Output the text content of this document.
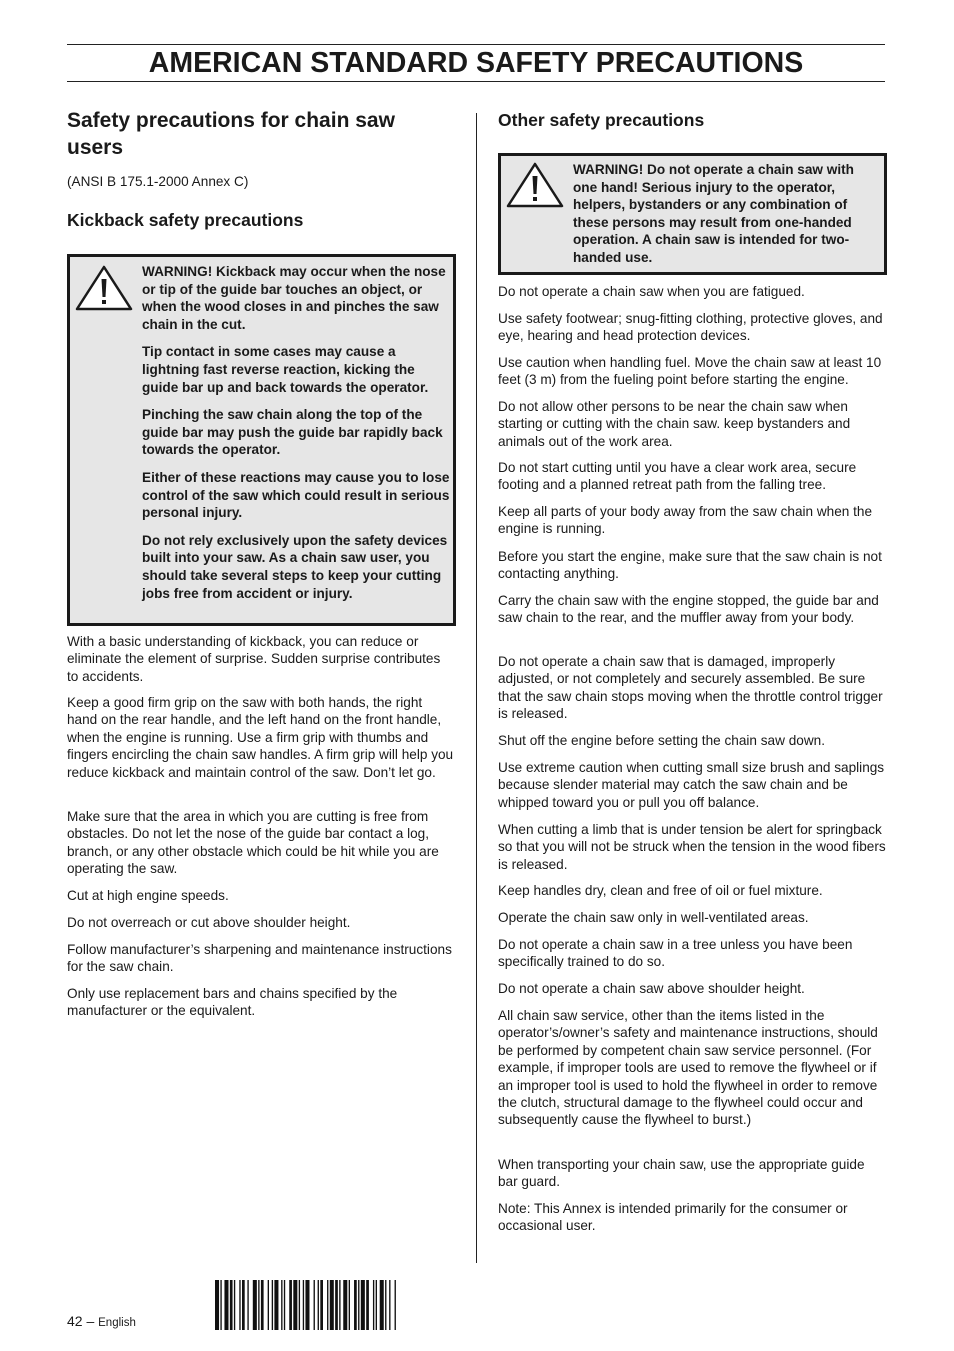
AMERICAN STANDARD SAFETY PRECAUTIONS
Safety precautions for chain saw users

(ANSI B 175.1-2000 Annex C)

Kickback safety precautions

WARNING! Kickback may occur when the nose or tip of the guide bar touches an object, or when the wood closes in and pinches the saw chain in the cut.

Tip contact in some cases may cause a lightning fast reverse reaction, kicking the guide bar up and back towards the operator.

Pinching the saw chain along the top of the guide bar may push the guide bar rapidly back towards the operator.

Either of these reactions may cause you to lose control of the saw which could result in serious personal injury.

Do not rely exclusively upon the safety devices built into your saw. As a chain saw user, you should take several steps to keep your cutting jobs free from accident or injury.

With a basic understanding of kickback, you can reduce or eliminate the element of surprise. Sudden surprise contributes to accidents.

Keep a good firm grip on the saw with both hands, the right hand on the rear handle, and the left hand on the front handle, when the engine is running. Use a firm grip with thumbs and fingers encircling the chain saw handles. A firm grip will help you reduce kickback and maintain control of the saw. Don’t let go.

Make sure that the area in which you are cutting is free from obstacles. Do not let the nose of the guide bar contact a log, branch, or any other obstacle which could be hit while you are operating the saw.

Cut at high engine speeds.

Do not overreach or cut above shoulder height.

Follow manufacturer’s sharpening and maintenance instructions for the saw chain.

Only use replacement bars and chains specified by the manufacturer or the equivalent.

Other safety precautions

WARNING! Do not operate a chain saw with one hand! Serious injury to the operator, helpers, bystanders or any combination of these persons may result from one-handed operation. A chain saw is intended for two-handed use.

Do not operate a chain saw when you are fatigued.

Use safety footwear; snug-fitting clothing, protective gloves, and eye, hearing and head protection devices.

Use caution when handling fuel. Move the chain saw at least 10 feet (3 m) from the fueling point before starting the engine.

Do not allow other persons to be near the chain saw when starting or cutting with the chain saw. keep bystanders and animals out of the work area.

Do not start cutting until you have a clear work area, secure footing and a planned retreat path from the falling tree.

Keep all parts of your body away from the saw chain when the engine is running.

Before you start the engine, make sure that the saw chain is not contacting anything.

Carry the chain saw with the engine stopped, the guide bar and saw chain to the rear, and the muffler away from your body.

Do not operate a chain saw that is damaged, improperly adjusted, or not completely and securely assembled. Be sure that the saw chain stops moving when the throttle control trigger is released.

Shut off the engine before setting the chain saw down.

Use extreme caution when cutting small size brush and saplings because slender material may catch the saw chain and be whipped toward you or pull you off balance.

When cutting a limb that is under tension be alert for springback so that you will not be struck when the tension in the wood fibers is released.

Keep handles dry, clean and free of oil or fuel mixture.

Operate the chain saw only in well-ventilated areas.

Do not operate a chain saw in a tree unless you have been specifically trained to do so.

Do not operate a chain saw above shoulder height.

All chain saw service, other than the items listed in the operator’s/owner’s safety and maintenance instructions, should be performed by competent chain saw service personnel. (For example, if improper tools are used to remove the flywheel or if an improper tool is used to hold the flywheel in order to remove the clutch, structural damage to the flywheel could occur and subsequently cause the flywheel to burst.)

When transporting your chain saw, use the appropriate guide bar guard.

Note: This Annex is intended primarily for the consumer or occasional user.

42 – English
